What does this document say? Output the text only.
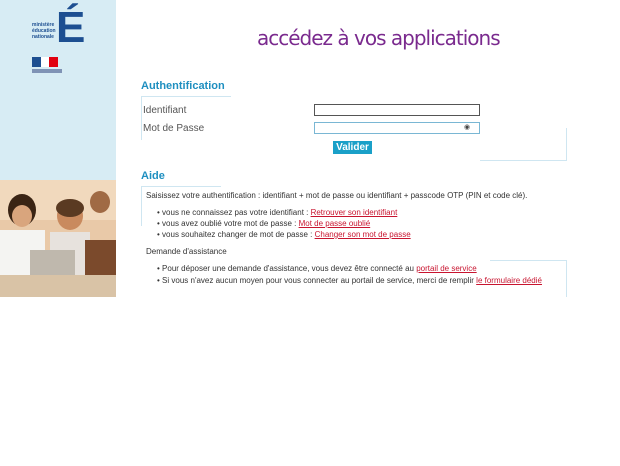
ministère
éducation
nationale É	accédez à vos applications
Authentification
Identifiant
Mot de Passe	◉
Valider
Aide
Saisissez votre authentification : identifiant + mot de passe ou identifiant + passcode OTP (PIN et code clé).
• vous ne connaissez pas votre identifiant : Retrouver son identifiant
• vous avez oublié votre mot de passe : Mot de passe oublié
• vous souhaitez changer de mot de passe : Changer son mot de passe
Demande d'assistance
• Pour déposer une demande d'assistance, vous devez être connecté au portail de service
• Si vous n'avez aucun moyen pour vous connecter au portail de service, merci de remplir le formulaire dédié
